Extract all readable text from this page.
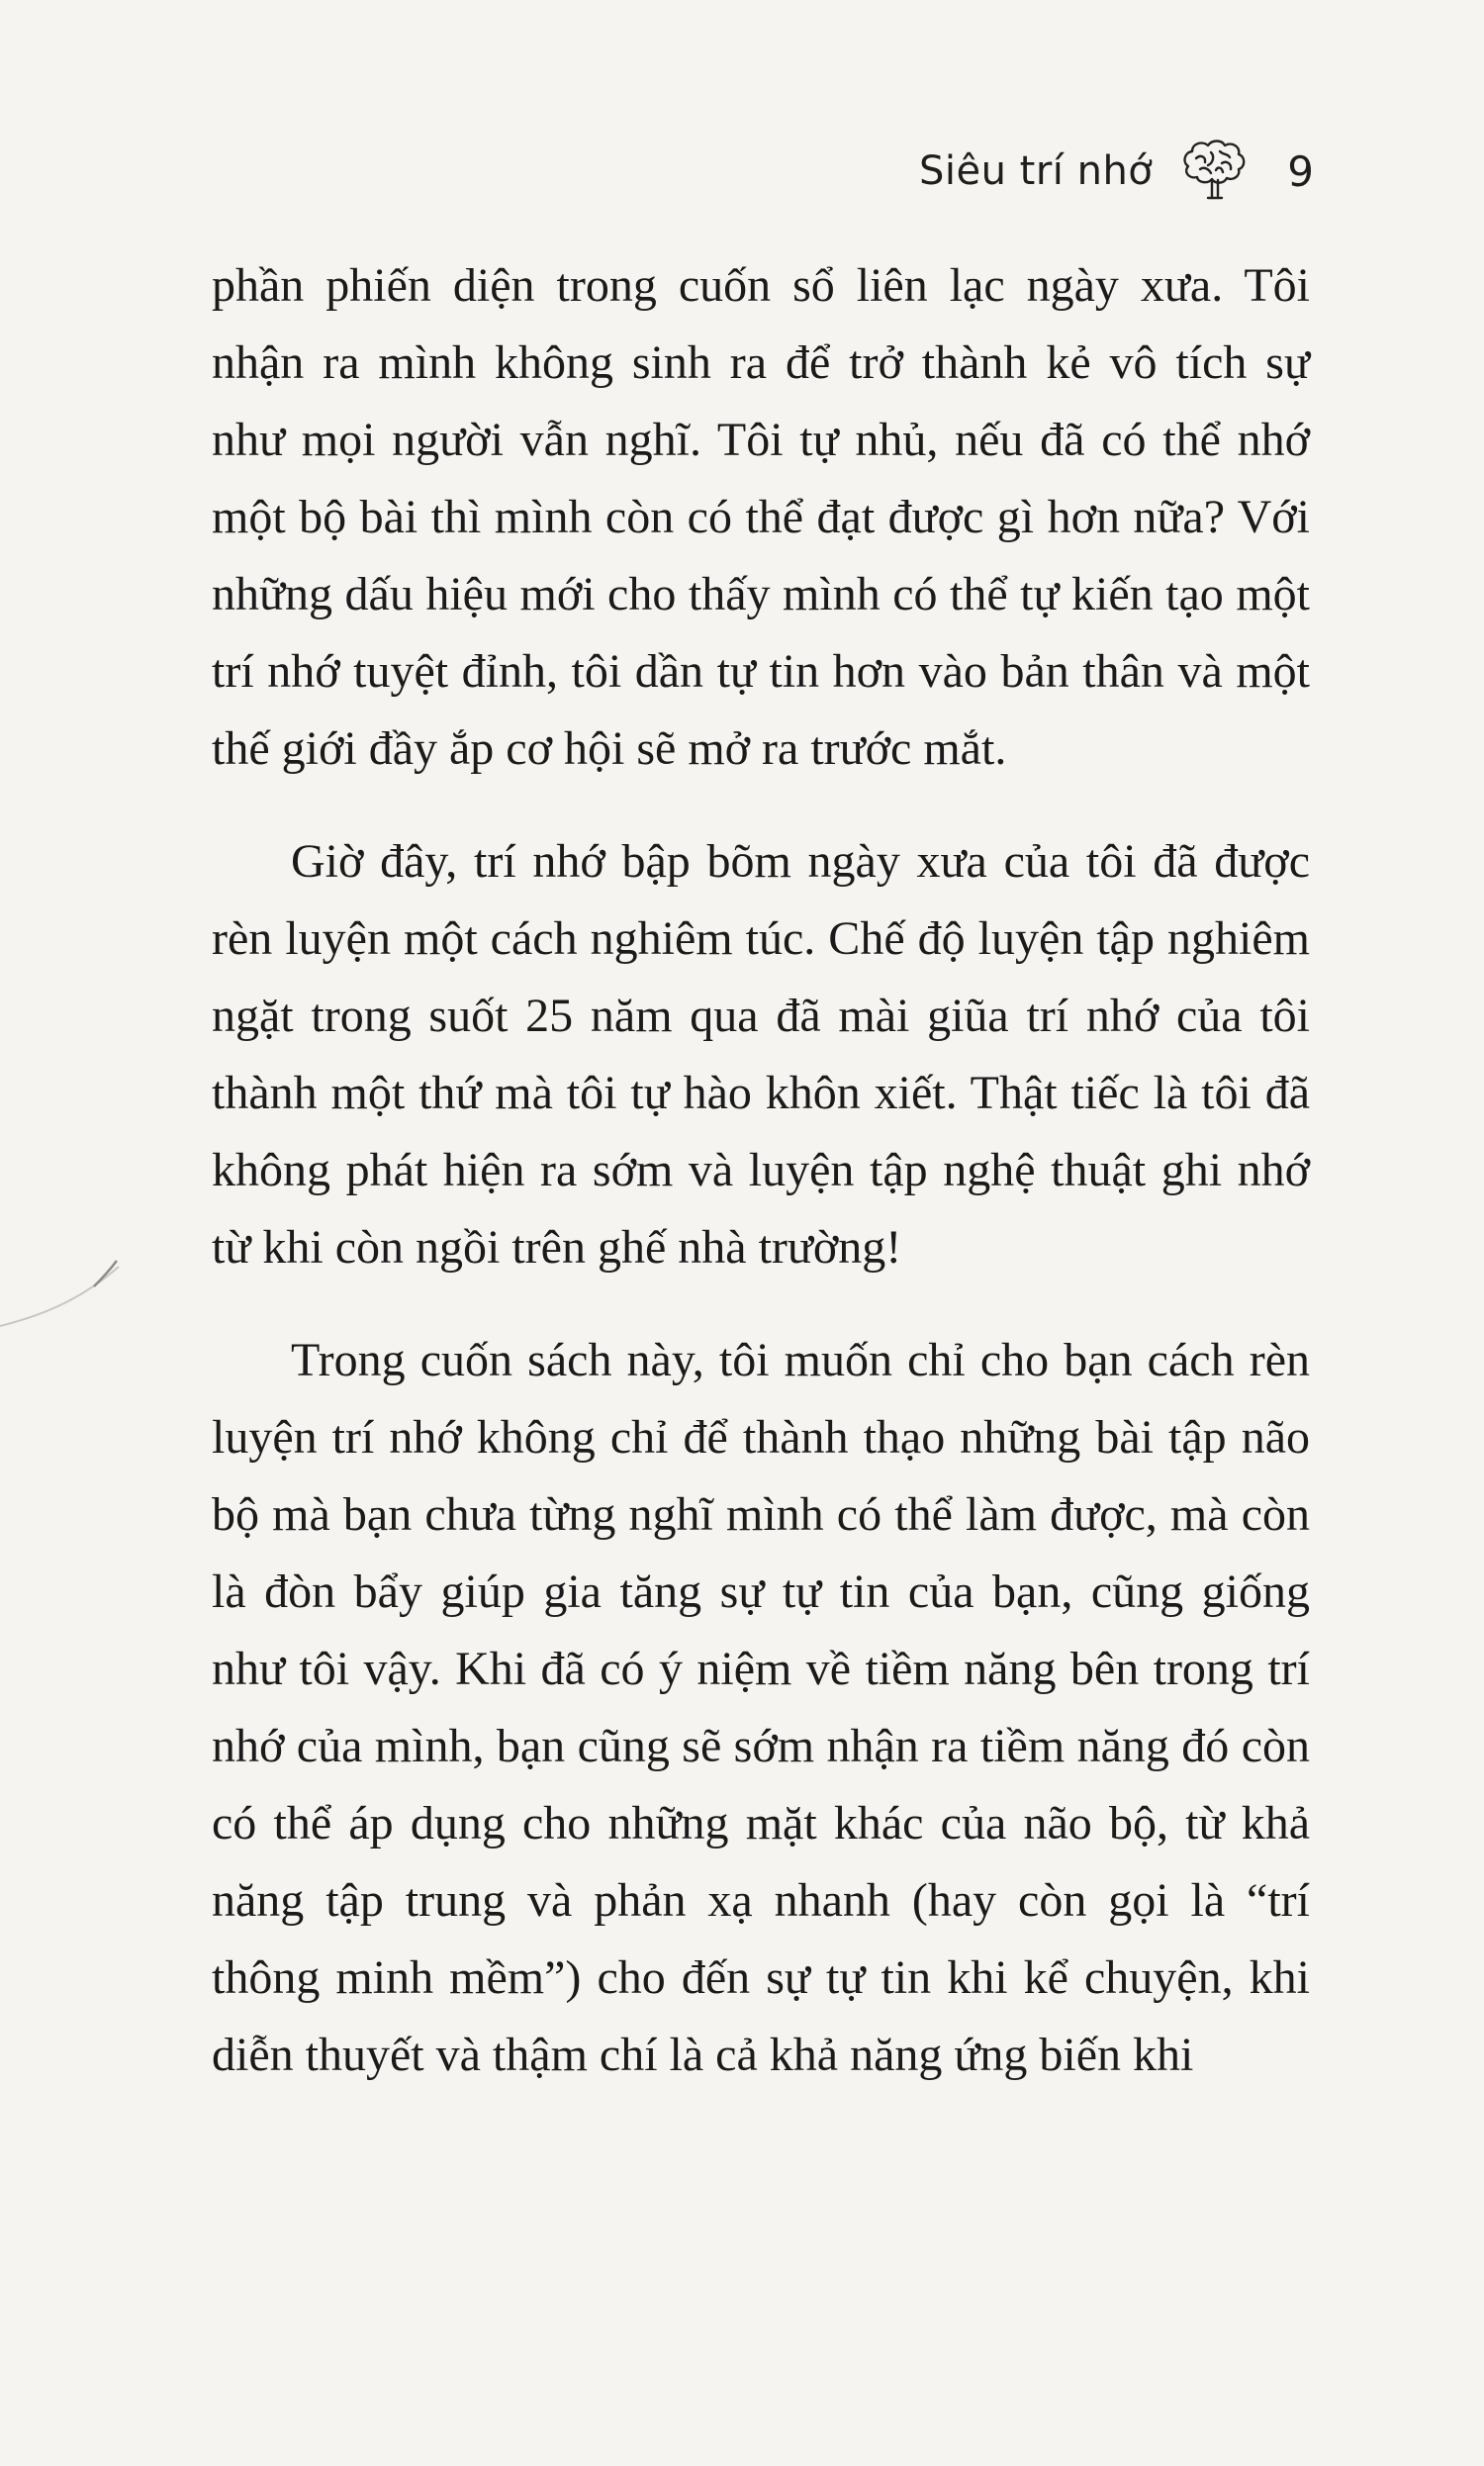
Siêu trí nhớ	9

phần phiến diện trong cuốn sổ liên lạc ngày xưa. Tôi nhận ra mình không sinh ra để trở thành kẻ vô tích sự như mọi người vẫn nghĩ. Tôi tự nhủ, nếu đã có thể nhớ một bộ bài thì mình còn có thể đạt được gì hơn nữa? Với những dấu hiệu mới cho thấy mình có thể tự kiến tạo một trí nhớ tuyệt đỉnh, tôi dần tự tin hơn vào bản thân và một thế giới đầy ắp cơ hội sẽ mở ra trước mắt.

Giờ đây, trí nhớ bập bõm ngày xưa của tôi đã được rèn luyện một cách nghiêm túc. Chế độ luyện tập nghiêm ngặt trong suốt 25 năm qua đã mài giũa trí nhớ của tôi thành một thứ mà tôi tự hào khôn xiết. Thật tiếc là tôi đã không phát hiện ra sớm và luyện tập nghệ thuật ghi nhớ từ khi còn ngồi trên ghế nhà trường!

Trong cuốn sách này, tôi muốn chỉ cho bạn cách rèn luyện trí nhớ không chỉ để thành thạo những bài tập não bộ mà bạn chưa từng nghĩ mình có thể làm được, mà còn là đòn bẩy giúp gia tăng sự tự tin của bạn, cũng giống như tôi vậy. Khi đã có ý niệm về tiềm năng bên trong trí nhớ của mình, bạn cũng sẽ sớm nhận ra tiềm năng đó còn có thể áp dụng cho những mặt khác của não bộ, từ khả năng tập trung và phản xạ nhanh (hay còn gọi là “trí thông minh mềm”) cho đến sự tự tin khi kể chuyện, khi diễn thuyết và thậm chí là cả khả năng ứng biến khi
